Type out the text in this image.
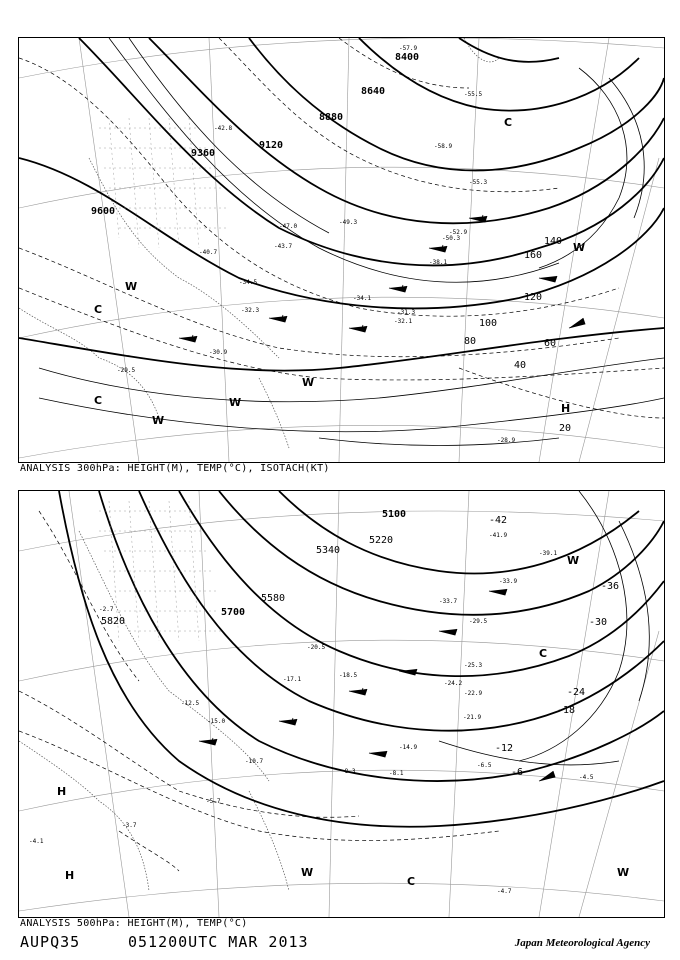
8400
8640
8880
9120
9360
9600
20
40
60
80
100
120
140
160
-57.9
-55.5
-58.9
-55.3
-52.9
-50.3
-49.3
-47.0
-43.7
-42.8
-40.7
-38.1
-34.5
-34.1
-32.3	-31.3
-32.1
-30.9
-29.5
-28.9
C
C
C
W
W
W
W
W
H
ANALYSIS 300hPa: HEIGHT(M), TEMP(°C), ISOTACH(KT)
5100
5220
5340
5580
5700
5820
-42
-36
-30
-24
-18
-12
-6
-41.9
-39.1
-33.9
-33.7
-29.5
-25.3
-24.2
-22.9
-21.9
-20.5
-18.5
-17.1
-15.0
-14.9
-12.5
-10.7
-8.3	-8.1
-6.5
-5.7
-4.5
-4.7
-4.1
-3.7
-2.7
C
C
W
W	W
H
H
ANALYSIS 500hPa: HEIGHT(M), TEMP(°C)
AUPQ35	051200UTC MAR 2013	Japan Meteorological Agency
